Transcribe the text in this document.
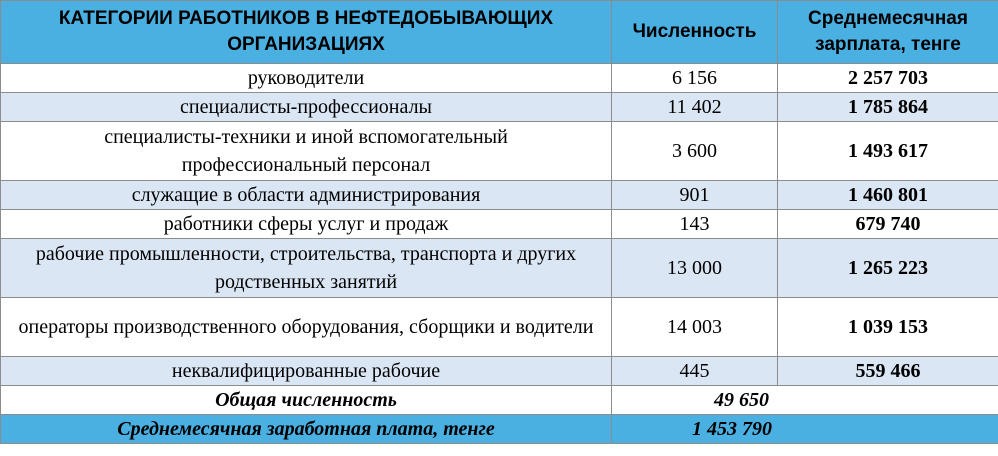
КАТЕГОРИИ РАБОТНИКОВ В НЕФТЕДОБЫВАЮЩИХ ОРГАНИЗАЦИЯХ	Численность	Среднемесячная зарплата, тенге
руководители	6 156	2 257 703
специалисты-профессионалы	11 402	1 785 864
специалисты-техники и иной вспомогательный профессиональный персонал	3 600	1 493 617
служащие в области администрирования	901	1 460 801
работники сферы услуг и продаж	143	679 740
рабочие промышленности, строительства, транспорта и других родственных занятий	13 000	1 265 223
операторы производственного оборудования, сборщики и водители	14 003	1 039 153
неквалифицированные рабочие	445	559 466
Общая численность	49 650	
Среднемесячная заработная плата, тенге	1 453 790	
